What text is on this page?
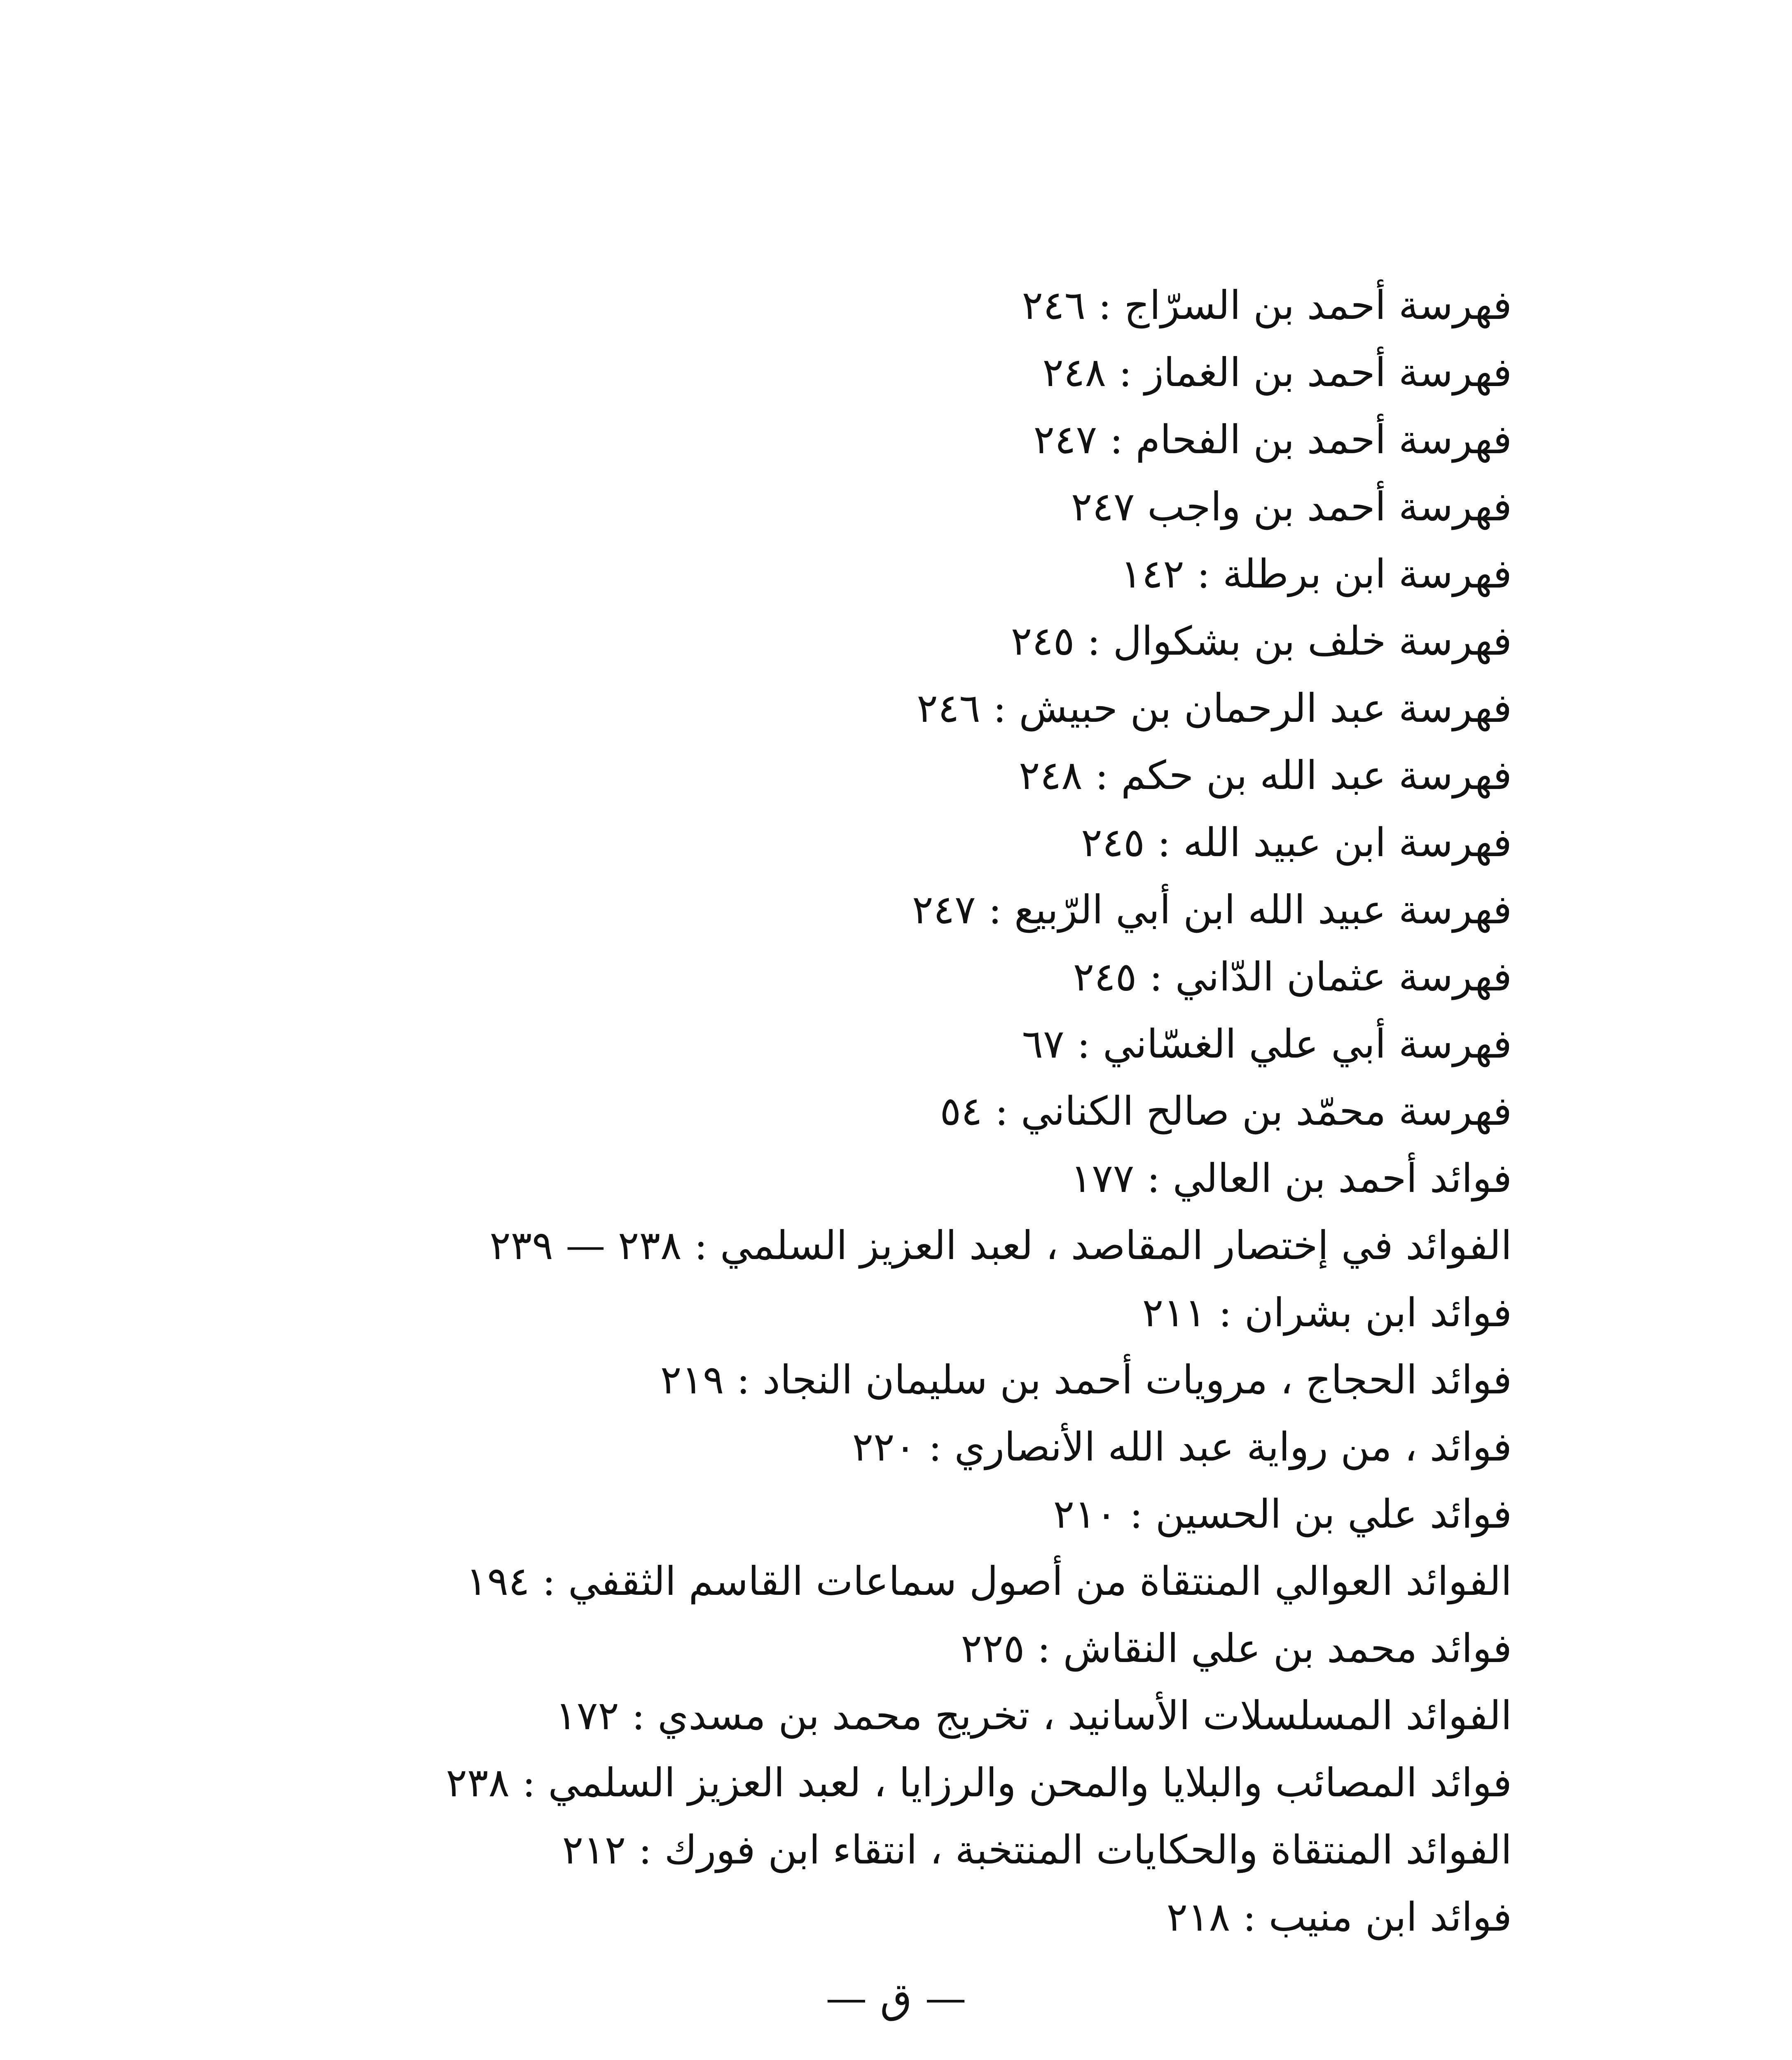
فهرسة أحمد بن السرّاج : ٢٤٦
فهرسة أحمد بن الغماز : ٢٤٨
فهرسة أحمد بن الفحام : ٢٤٧
فهرسة أحمد بن واجب ٢٤٧
فهرسة ابن برطلة : ١٤٢
فهرسة خلف بن بشكوال : ٢٤٥
فهرسة عبد الرحمان بن حبيش : ٢٤٦
فهرسة عبد الله بن حكم : ٢٤٨
فهرسة ابن عبيد الله : ٢٤٥
فهرسة عبيد الله ابن أبي الرّبيع : ٢٤٧
فهرسة عثمان الدّاني : ٢٤٥
فهرسة أبي علي الغسّاني : ٦٧
فهرسة محمّد بن صالح الكناني : ٥٤
فوائد أحمد بن العالي : ١٧٧
الفوائد في إختصار المقاصد ، لعبد العزيز السلمي : ٢٣٨ — ٢٣٩
فوائد ابن بشران : ٢١١
فوائد الحجاج ، مرويات أحمد بن سليمان النجاد : ٢١٩
فوائد ، من رواية عبد الله الأنصاري : ٢٢٠
فوائد علي بن الحسين : ٢١٠
الفوائد العوالي المنتقاة من أصول سماعات القاسم الثقفي : ١٩٤
فوائد محمد بن علي النقاش : ٢٢٥
الفوائد المسلسلات الأسانيد ، تخريج محمد بن مسدي : ١٧٢
فوائد المصائب والبلايا والمحن والرزايا ، لعبد العزيز السلمي : ٢٣٨
الفوائد المنتقاة والحكايات المنتخبة ، انتقاء ابن فورك : ٢١٢
فوائد ابن منيب : ٢١٨
— ق —
